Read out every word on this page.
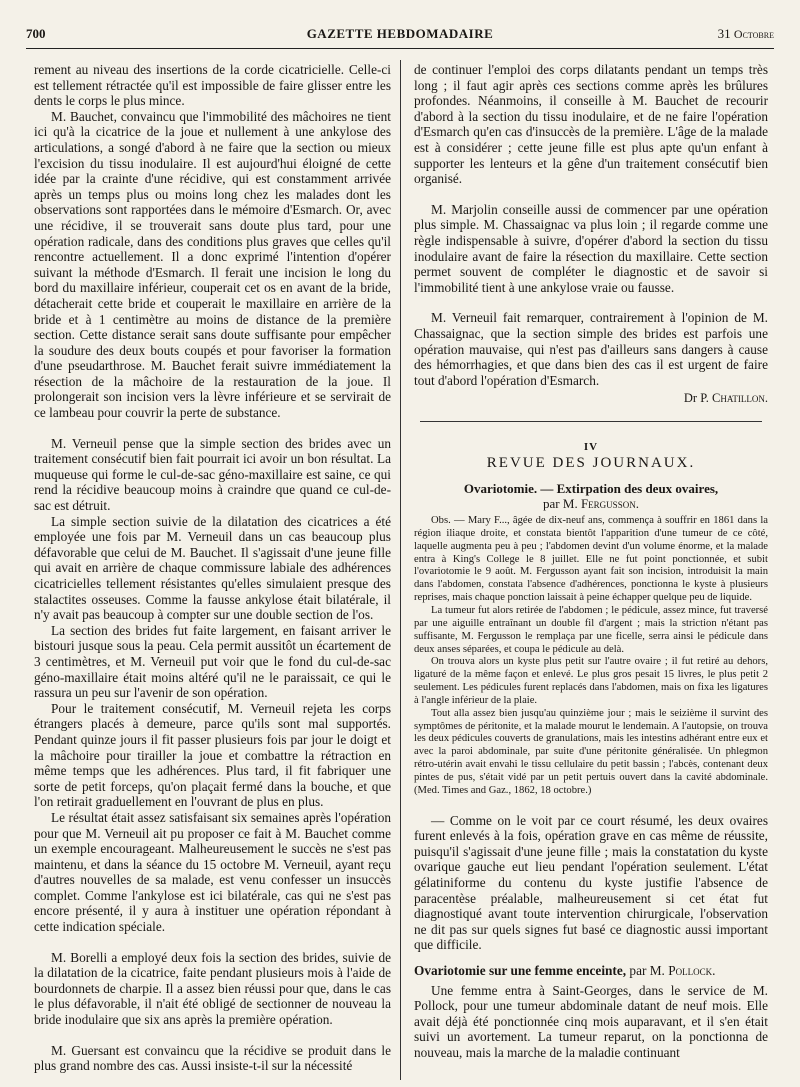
700	GAZETTE HEBDOMADAIRE	31 Octobre

rement au niveau des insertions de la corde cicatricielle. Celle-ci est tellement rétractée qu'il est impossible de faire glisser entre les dents le corps le plus mince.

M. Bauchet, convaincu que l'immobilité des mâchoires ne tient ici qu'à la cicatrice de la joue et nullement à une ankylose des articulations, a songé d'abord à ne faire que la section ou mieux l'excision du tissu inodulaire. Il est aujourd'hui éloigné de cette idée par la crainte d'une récidive, qui est constamment arrivée après un temps plus ou moins long chez les malades dont les observations sont rapportées dans le mémoire d'Esmarch. Or, avec une récidive, il se trouverait sans doute plus tard, pour une opération radicale, dans des conditions plus graves que celles qu'il rencontre actuellement. Il a donc exprimé l'intention d'opérer suivant la méthode d'Esmarch. Il ferait une incision le long du bord du maxillaire inférieur, couperait cet os en avant de la bride, détacherait cette bride et couperait le maxillaire en arrière de la bride et à 1 centimètre au moins de distance de la première section. Cette distance serait sans doute suffisante pour empêcher la soudure des deux bouts coupés et pour favoriser la formation d'une pseudarthrose. M. Bauchet ferait suivre immédiatement la résection de la mâchoire de la restauration de la joue. Il prolongerait son incision vers la lèvre inférieure et se servirait de ce lambeau pour couvrir la perte de substance.

M. Verneuil pense que la simple section des brides avec un traitement consécutif bien fait pourrait ici avoir un bon résultat. La muqueuse qui forme le cul-de-sac géno-maxillaire est saine, ce qui rend la récidive beaucoup moins à craindre que quand ce cul-de-sac est détruit.

La simple section suivie de la dilatation des cicatrices a été employée une fois par M. Verneuil dans un cas beaucoup plus défavorable que celui de M. Bauchet. Il s'agissait d'une jeune fille qui avait en arrière de chaque commissure labiale des adhérences cicatricielles tellement résistantes qu'elles simulaient presque des stalactites osseuses. Comme la fausse ankylose était bilatérale, il n'y avait pas beaucoup à compter sur une double section de l'os.

La section des brides fut faite largement, en faisant arriver le bistouri jusque sous la peau. Cela permit aussitôt un écartement de 3 centimètres, et M. Verneuil put voir que le fond du cul-de-sac géno-maxillaire était moins altéré qu'il ne le paraissait, ce qui le rassura un peu sur l'avenir de son opération.

Pour le traitement consécutif, M. Verneuil rejeta les corps étrangers placés à demeure, parce qu'ils sont mal supportés. Pendant quinze jours il fit passer plusieurs fois par jour le doigt et la mâchoire pour tirailler la joue et combattre la rétraction en même temps que les adhérences. Plus tard, il fit fabriquer une sorte de petit forceps, qu'on plaçait fermé dans la bouche, et que l'on retirait graduellement en l'ouvrant de plus en plus.

Le résultat était assez satisfaisant six semaines après l'opération pour que M. Verneuil ait pu proposer ce fait à M. Bauchet comme un exemple encourageant. Malheureusement le succès ne s'est pas maintenu, et dans la séance du 15 octobre M. Verneuil, ayant reçu d'autres nouvelles de sa malade, est venu confesser un insuccès complet. Comme l'ankylose est ici bilatérale, cas qui ne s'est pas encore présenté, il y aura à instituer une opération répondant à cette indication spéciale.

M. Borelli a employé deux fois la section des brides, suivie de la dilatation de la cicatrice, faite pendant plusieurs mois à l'aide de bourdonnets de charpie. Il a assez bien réussi pour que, dans le cas le plus défavorable, il n'ait été obligé de sectionner de nouveau la bride inodulaire que six ans après la première opération.

M. Guersant est convaincu que la récidive se produit dans le plus grand nombre des cas. Aussi insiste-t-il sur la nécessité

de continuer l'emploi des corps dilatants pendant un temps très long ; il faut agir après ces sections comme après les brûlures profondes. Néanmoins, il conseille à M. Bauchet de recourir d'abord à la section du tissu inodulaire, et de ne faire l'opération d'Esmarch qu'en cas d'insuccès de la première. L'âge de la malade est à considérer ; cette jeune fille est plus apte qu'un enfant à supporter les lenteurs et la gêne d'un traitement consécutif bien organisé.

M. Marjolin conseille aussi de commencer par une opération plus simple. M. Chassaignac va plus loin ; il regarde comme une règle indispensable à suivre, d'opérer d'abord la section du tissu inodulaire avant de faire la résection du maxillaire. Cette section permet souvent de compléter le diagnostic et de savoir si l'immobilité tient à une ankylose vraie ou fausse.

M. Verneuil fait remarquer, contrairement à l'opinion de M. Chassaignac, que la section simple des brides est parfois une opération mauvaise, qui n'est pas d'ailleurs sans dangers à cause des hémorrhagies, et que dans bien des cas il est urgent de faire tout d'abord l'opération d'Esmarch.

Dr P. Chatillon.

IV
REVUE DES JOURNAUX.
Ovariotomie. — Extirpation des deux ovaires,
par M. Fergusson.

Obs. — Mary F..., âgée de dix-neuf ans, commença à souffrir en 1861 dans la région iliaque droite, et constata bientôt l'apparition d'une tumeur de ce côté, laquelle augmenta peu à peu ; l'abdomen devint d'un volume énorme, et la malade entra à King's College le 8 juillet. Elle ne fut point ponctionnée, et subit l'ovariotomie le 9 août. M. Fergusson ayant fait son incision, introduisit la main dans l'abdomen, constata l'absence d'adhérences, ponctionna le kyste à plusieurs reprises, mais chaque ponction laissait à peine échapper quelque peu de liquide.

La tumeur fut alors retirée de l'abdomen ; le pédicule, assez mince, fut traversé par une aiguille entraînant un double fil d'argent ; mais la striction n'étant pas suffisante, M. Fergusson le remplaça par une ficelle, serra ainsi le pédicule dans deux anses séparées, et coupa le pédicule au delà.

On trouva alors un kyste plus petit sur l'autre ovaire ; il fut retiré au dehors, ligaturé de la même façon et enlevé. Le plus gros pesait 15 livres, le plus petit 2 seulement. Les pédicules furent replacés dans l'abdomen, mais on fixa les ligatures à l'angle inférieur de la plaie.

Tout alla assez bien jusqu'au quinzième jour ; mais le seizième il survint des symptômes de péritonite, et la malade mourut le lendemain. A l'autopsie, on trouva les deux pédicules couverts de granulations, mais les intestins adhérant entre eux et avec la paroi abdominale, par suite d'une péritonite généralisée. Un phlegmon rétro-utérin avait envahi le tissu cellulaire du petit bassin ; l'abcès, contenant deux pintes de pus, s'était vidé par un petit pertuis ouvert dans la cavité abdominale. (Med. Times and Gaz., 1862, 18 octobre.)

— Comme on le voit par ce court résumé, les deux ovaires furent enlevés à la fois, opération grave en cas même de réussite, puisqu'il s'agissait d'une jeune fille ; mais la constatation du kyste ovarique gauche eut lieu pendant l'opération seulement. L'état gélatiniforme du contenu du kyste justifie l'absence de paracentèse préalable, malheureusement si cet état fut diagnostiqué avant toute intervention chirurgicale, l'observation ne dit pas sur quels signes fut basé ce diagnostic aussi important que difficile.

Ovariotomie sur une femme enceinte, par M. Pollock.

Une femme entra à Saint-Georges, dans le service de M. Pollock, pour une tumeur abdominale datant de neuf mois. Elle avait déjà été ponctionnée cinq mois auparavant, et il s'en était suivi un avortement. La tumeur reparut, on la ponctionna de nouveau, mais la marche de la maladie continuant
